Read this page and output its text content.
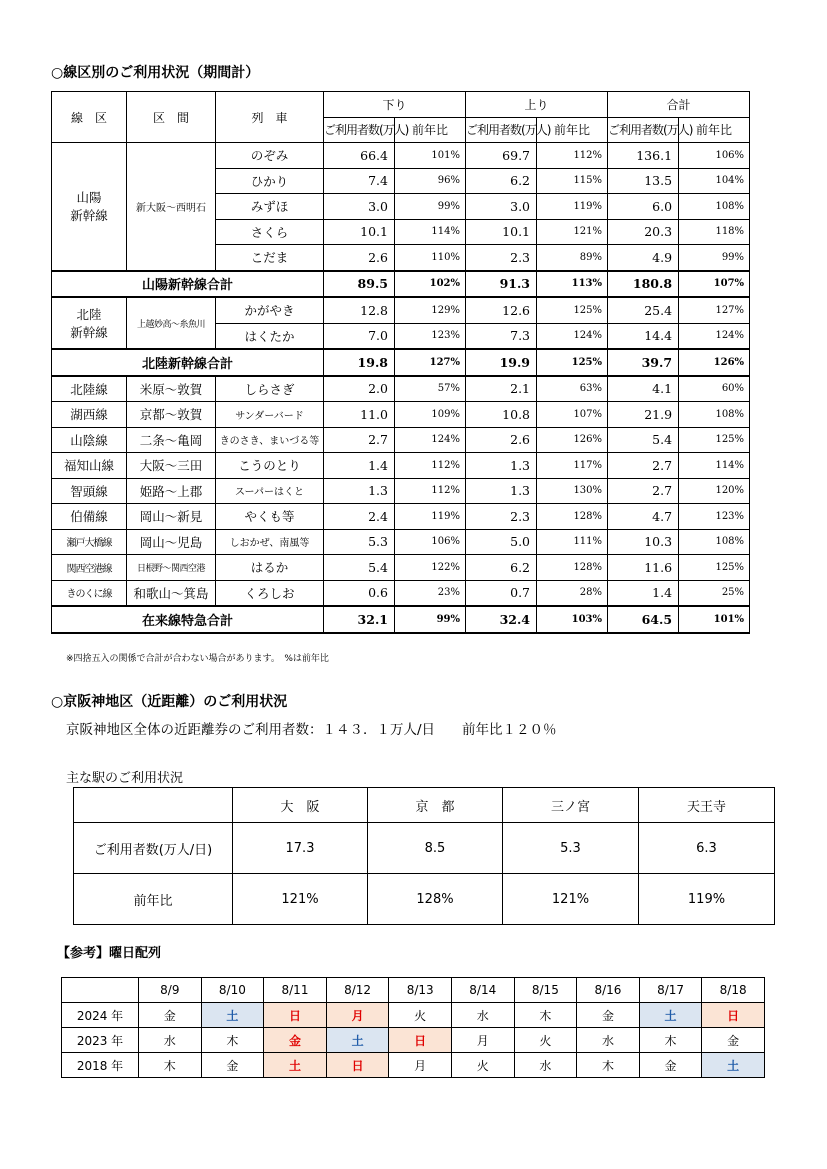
○線区別のご利用状況（期間計）
線　区	区　間	列　車	下り		上り		合計	
			ご利用者数(万人)	前年比	ご利用者数(万人)	前年比	ご利用者数(万人)	前年比
山陽
新幹線	新大阪～西明石	のぞみ	66.4	101%	69.7	112%	136.1	106%
		ひかり	7.4	96%	6.2	115%	13.5	104%
		みずほ	3.0	99%	3.0	119%	6.0	108%
		さくら	10.1	114%	10.1	121%	20.3	118%
		こだま	2.6	110%	2.3	89%	4.9	99%
山陽新幹線合計			89.5	102%	91.3	113%	180.8	107%
北陸
新幹線	上越妙高～糸魚川	かがやき	12.8	129%	12.6	125%	25.4	127%
		はくたか	7.0	123%	7.3	124%	14.4	124%
北陸新幹線合計			19.8	127%	19.9	125%	39.7	126%
北陸線	米原～敦賀	しらさぎ	2.0	57%	2.1	63%	4.1	60%
湖西線	京都～敦賀	サンダーバード	11.0	109%	10.8	107%	21.9	108%
山陰線	二条～亀岡	きのさき、まいづる等	2.7	124%	2.6	126%	5.4	125%
福知山線	大阪～三田	こうのとり	1.4	112%	1.3	117%	2.7	114%
智頭線	姫路～上郡	スーパーはくと	1.3	112%	1.3	130%	2.7	120%
伯備線	岡山～新見	やくも等	2.4	119%	2.3	128%	4.7	123%
瀬戸大橋線	岡山～児島	しおかぜ、南風等	5.3	106%	5.0	111%	10.3	108%
関西空港線	日根野～関西空港	はるか	5.4	122%	6.2	128%	11.6	125%
きのくに線	和歌山～箕島	くろしお	0.6	23%	0.7	28%	1.4	25%
在来線特急合計			32.1	99%	32.4	103%	64.5	101%
※四捨五入の関係で合計が合わない場合があります。　%は前年比
○京阪神地区（近距離）のご利用状況
京阪神地区全体の近距離券のご利用者数：１４３．１万人/日　　前年比１２０％
主な駅のご利用状況
	大　阪	京　都	三ノ宮	天王寺
ご利用者数(万人/日)	17.3	8.5	5.3	6.3
前年比	121%	128%	121%	119%
【参考】曜日配列
	8/9	8/10	8/11	8/12	8/13	8/14	8/15	8/16	8/17	8/18
2024 年	金	土	日	月	火	水	木	金	土	日
2023 年	水	木	金	土	日	月	火	水	木	金
2018 年	木	金	土	日	月	火	水	木	金	土
